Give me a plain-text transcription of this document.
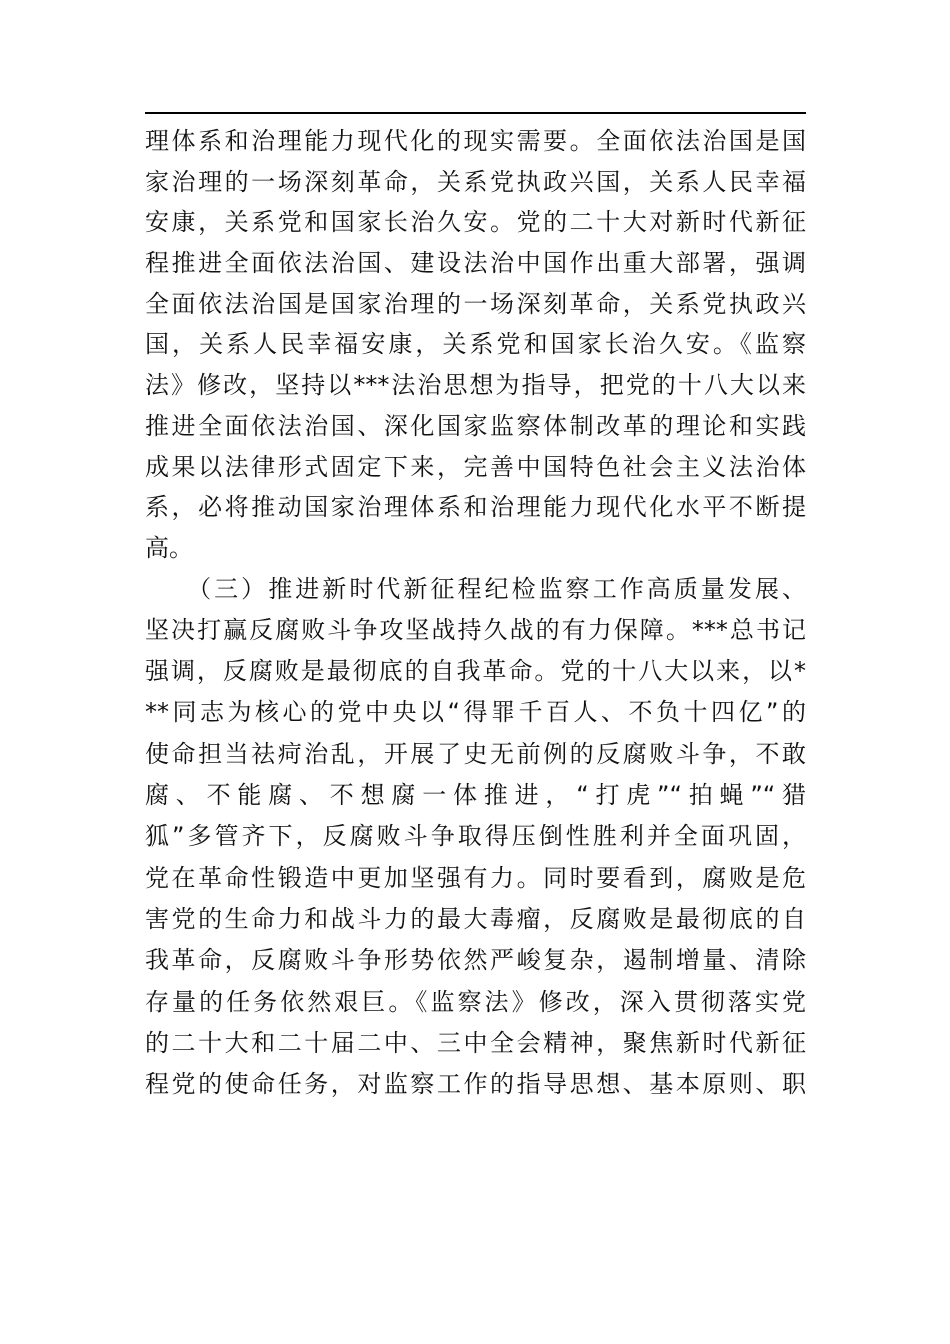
理体系和治理能力现代化的现实需要。全面依法治国是国
家治理的一场深刻革命，关系党执政兴国，关系人民幸福
安康，关系党和国家长治久安。党的二十大对新时代新征
程推进全面依法治国、建设法治中国作出重大部署，强调
全面依法治国是国家治理的一场深刻革命，关系党执政兴
国，关系人民幸福安康，关系党和国家长治久安。《监察
法》修改，坚持以***法治思想为指导，把党的十八大以来
推进全面依法治国、深化国家监察体制改革的理论和实践
成果以法律形式固定下来，完善中国特色社会主义法治体
系，必将推动国家治理体系和治理能力现代化水平不断提
高。
　　（三）推进新时代新征程纪检监察工作高质量发展、
坚决打赢反腐败斗争攻坚战持久战的有力保障。***总书记
强调，反腐败是最彻底的自我革命。党的十八大以来，以*
**同志为核心的党中央以“得罪千百人、不负十四亿”的
使命担当祛疴治乱，开展了史无前例的反腐败斗争，不敢
腐、不能腐、不想腐一体推进，“打虎”“拍蝇”“猎
狐”多管齐下，反腐败斗争取得压倒性胜利并全面巩固，
党在革命性锻造中更加坚强有力。同时要看到，腐败是危
害党的生命力和战斗力的最大毒瘤，反腐败是最彻底的自
我革命，反腐败斗争形势依然严峻复杂，遏制增量、清除
存量的任务依然艰巨。《监察法》修改，深入贯彻落实党
的二十大和二十届二中、三中全会精神，聚焦新时代新征
程党的使命任务，对监察工作的指导思想、基本原则、职
